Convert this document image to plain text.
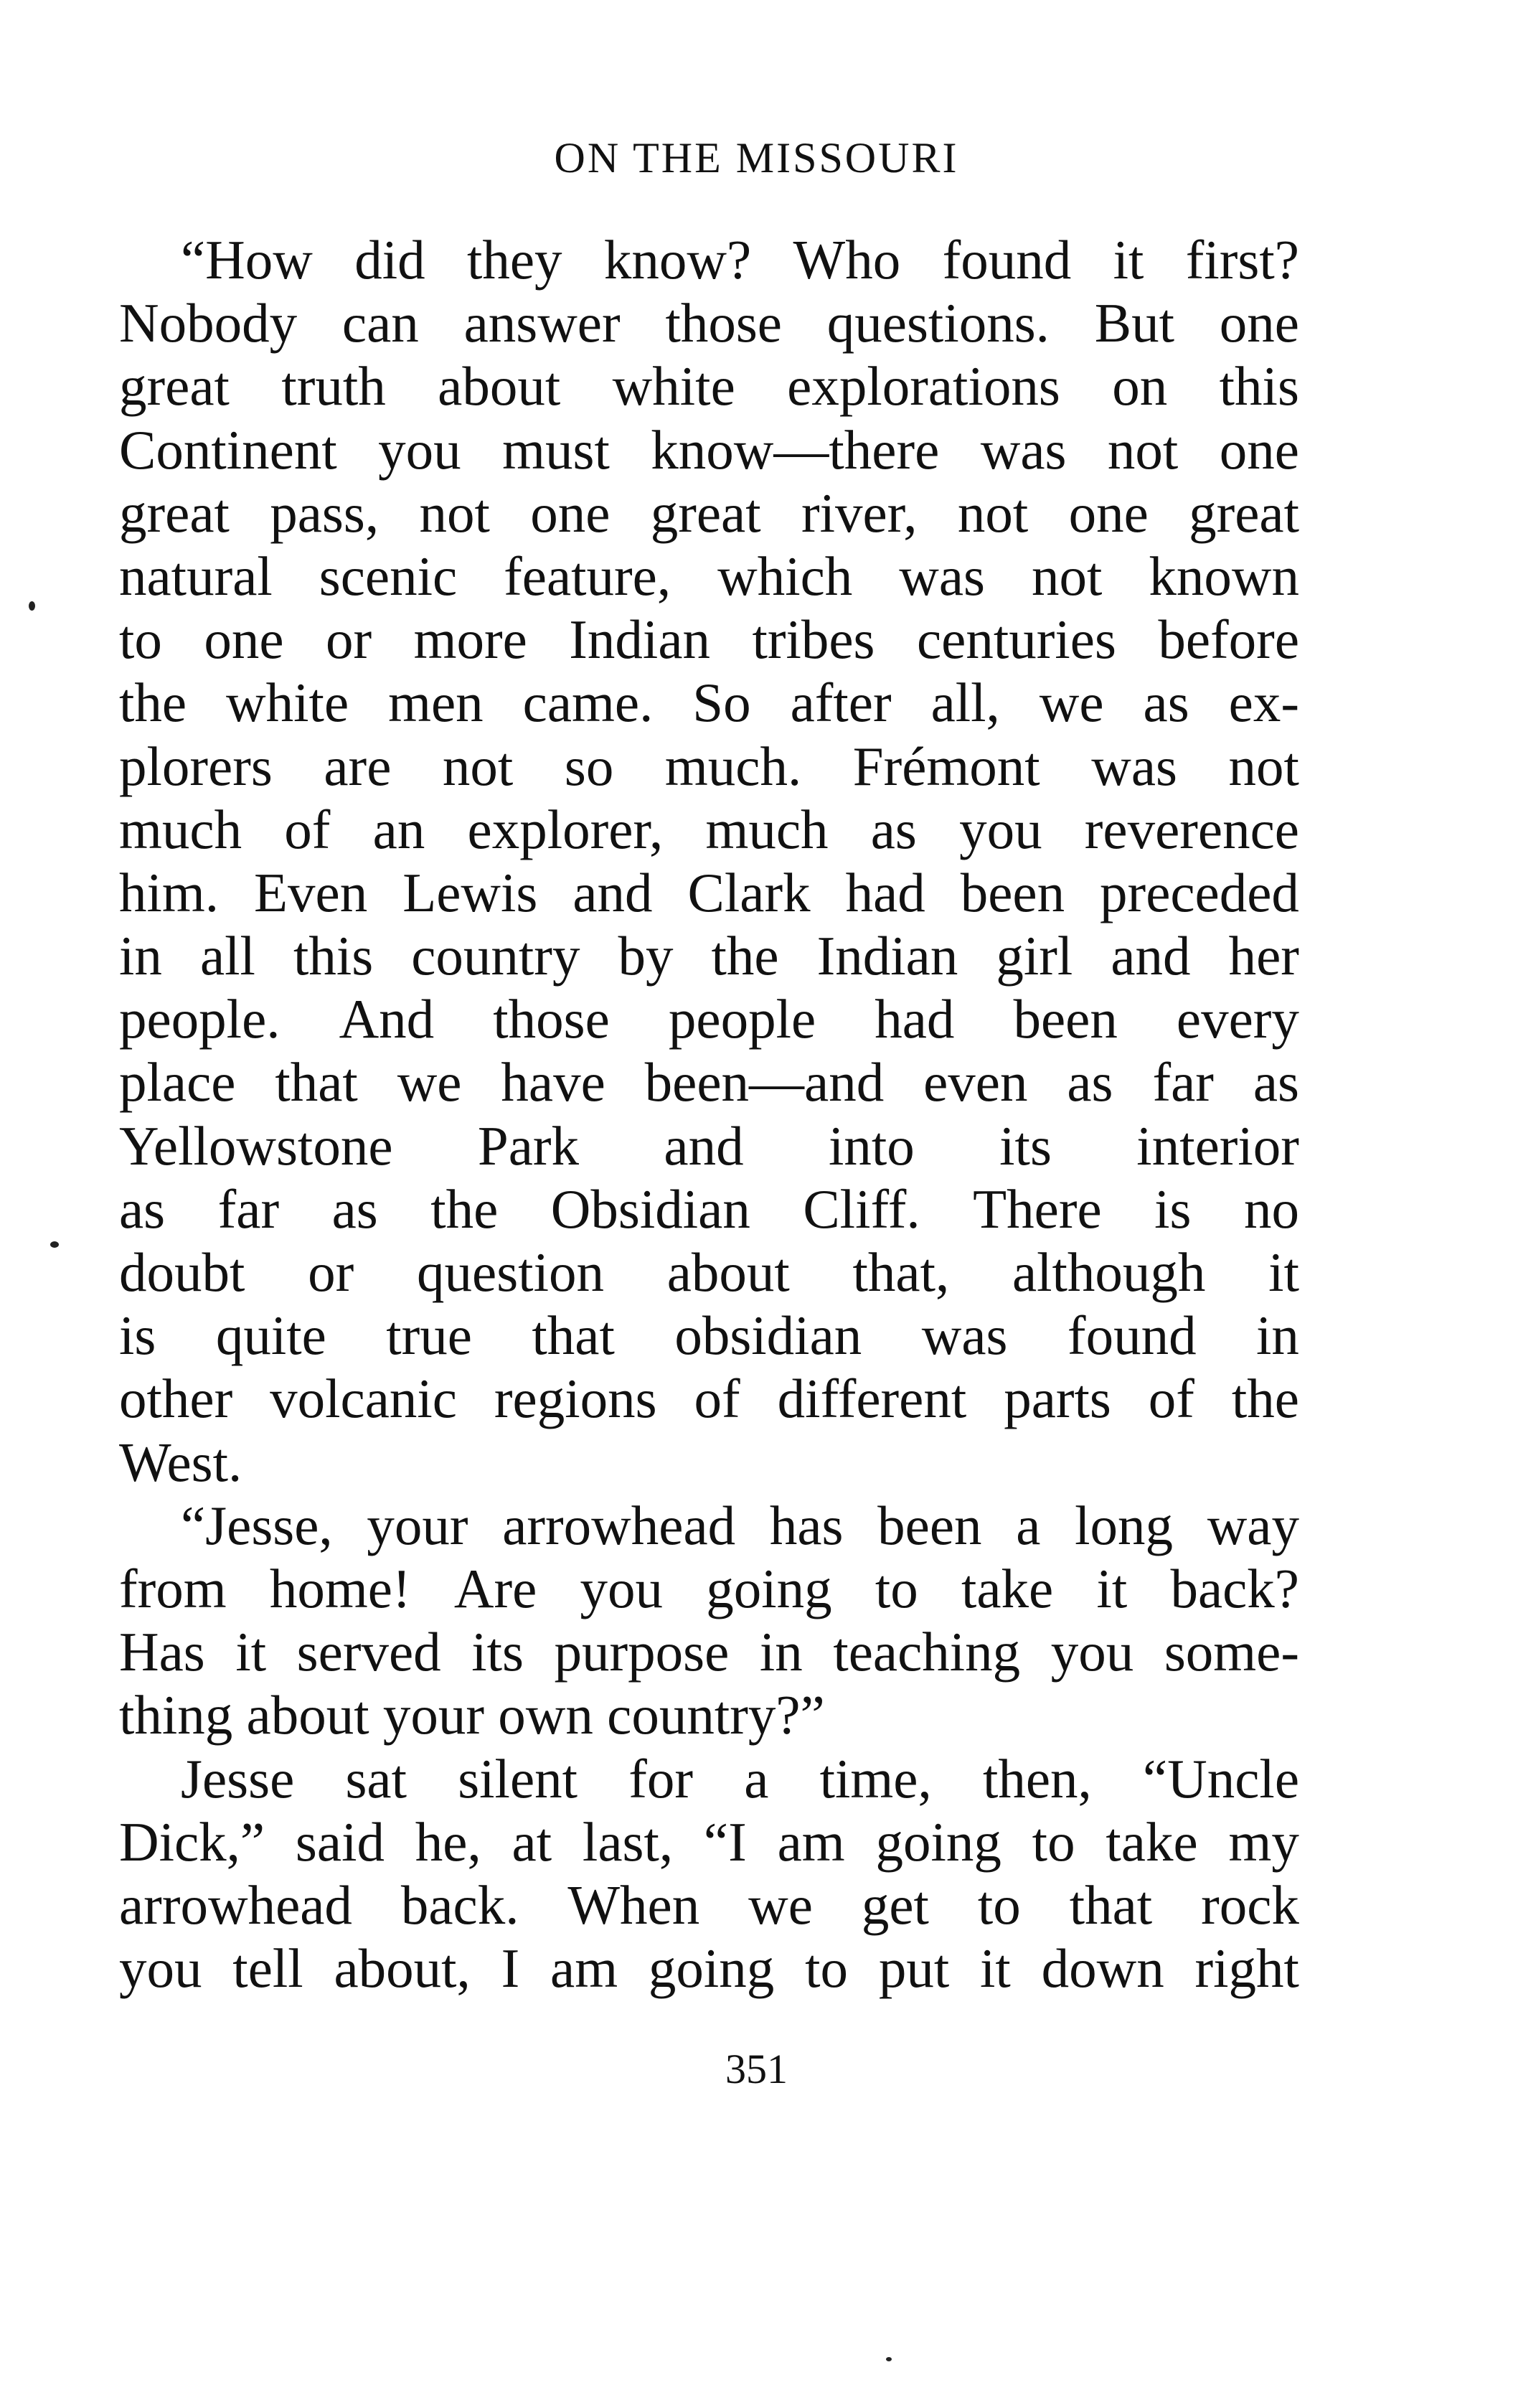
ON THE MISSOURI
“How did they know? Who found it first?
Nobody can answer those questions. But one
great truth about white explorations on this
Continent you must know—there was not one
great pass, not one great river, not one great
natural scenic feature, which was not known
to one or more Indian tribes centuries before
the white men came. So after all, we as ex-
plorers are not so much. Frémont was not
much of an explorer, much as you reverence
him. Even Lewis and Clark had been preceded
in all this country by the Indian girl and her
people. And those people had been every
place that we have been—and even as far as
Yellowstone Park and into its interior
as far as the Obsidian Cliff. There is no
doubt or question about that, although it
is quite true that obsidian was found in
other volcanic regions of different parts of the
West.
“Jesse, your arrowhead has been a long way
from home! Are you going to take it back?
Has it served its purpose in teaching you some-
thing about your own country?”
Jesse sat silent for a time, then, “Uncle
Dick,” said he, at last, “I am going to take my
arrowhead back. When we get to that rock
you tell about, I am going to put it down right
351
